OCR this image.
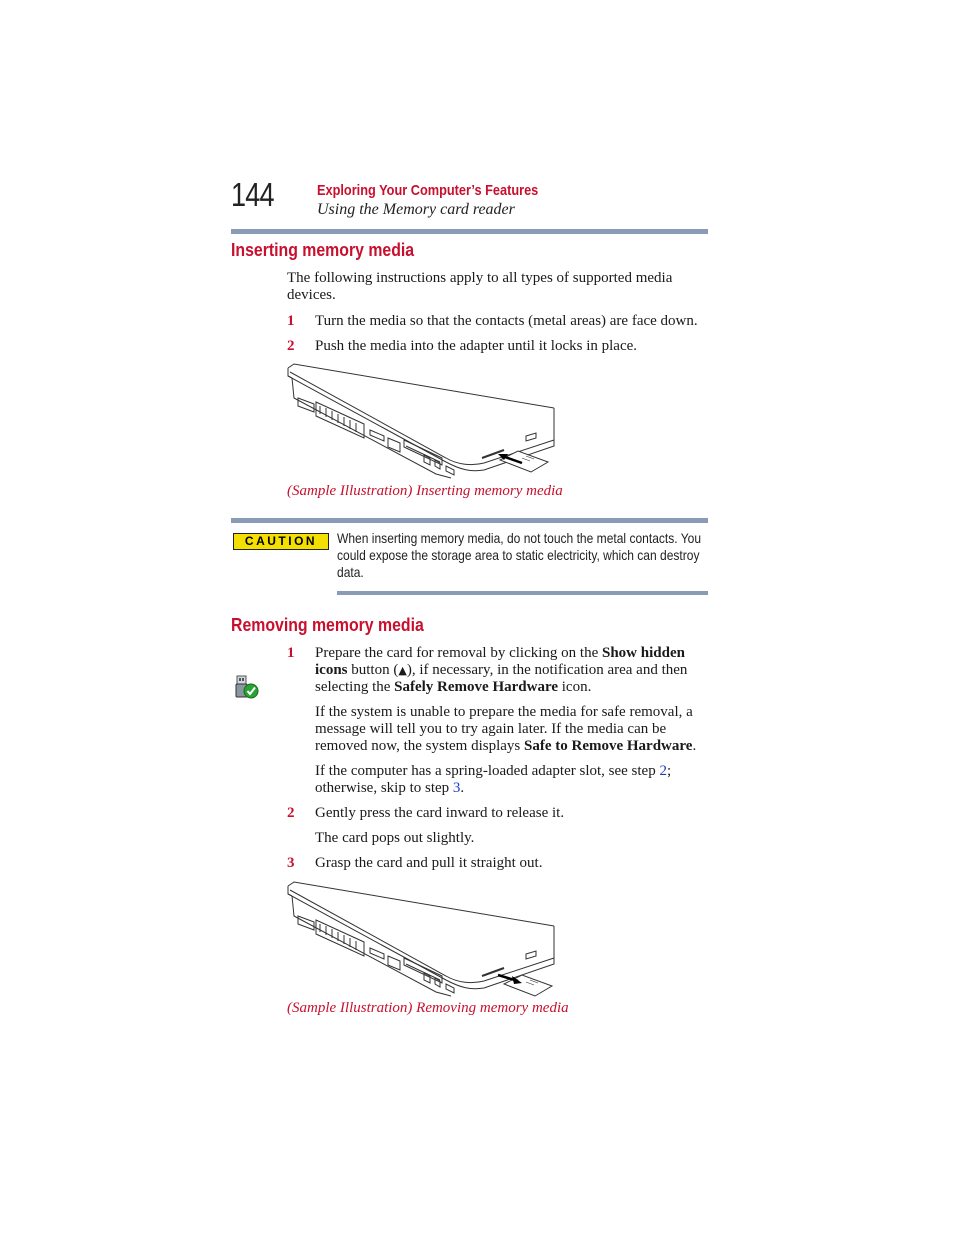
144	Exploring Your Computer’s Features
Using the Memory card reader
Inserting memory media
The following instructions apply to all types of supported media devices.
1 Turn the media so that the contacts (metal areas) are face down.
2 Push the media into the adapter until it locks in place.
(Sample Illustration) Inserting memory media
CAUTION	When inserting memory media, do not touch the metal contacts. You could expose the storage area to static electricity, which can destroy data.
Removing memory media
1 Prepare the card for removal by clicking on the Show hidden icons button (▲), if necessary, in the notification area and then selecting the Safely Remove Hardware icon.
If the system is unable to prepare the media for safe removal, a message will tell you to try again later. If the media can be removed now, the system displays Safe to Remove Hardware.
If the computer has a spring-loaded adapter slot, see step 2; otherwise, skip to step 3.
2 Gently press the card inward to release it.
The card pops out slightly.
3 Grasp the card and pull it straight out.
(Sample Illustration) Removing memory media
